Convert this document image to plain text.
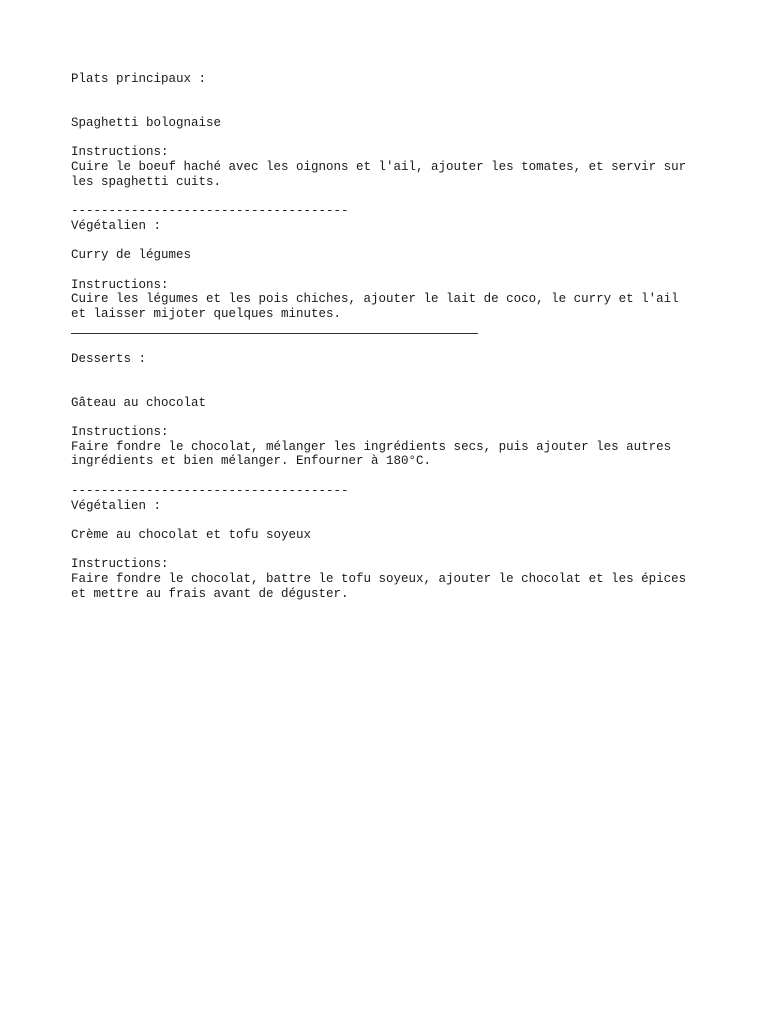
Plats principaux :
Spaghetti bolognaise
Instructions:
Cuire le boeuf haché avec les oignons et l'ail, ajouter les tomates, et servir sur
les spaghetti cuits.
-------------------------------------
Végétalien :
Curry de légumes
Instructions:
Cuire les légumes et les pois chiches, ajouter le lait de coco, le curry et l'ail
et laisser mijoter quelques minutes.
Desserts :
Gâteau au chocolat
Instructions:
Faire fondre le chocolat, mélanger les ingrédients secs, puis ajouter les autres
ingrédients et bien mélanger. Enfourner à 180°C.
-------------------------------------
Végétalien :
Crème au chocolat et tofu soyeux
Instructions:
Faire fondre le chocolat, battre le tofu soyeux, ajouter le chocolat et les épices
et mettre au frais avant de déguster.
